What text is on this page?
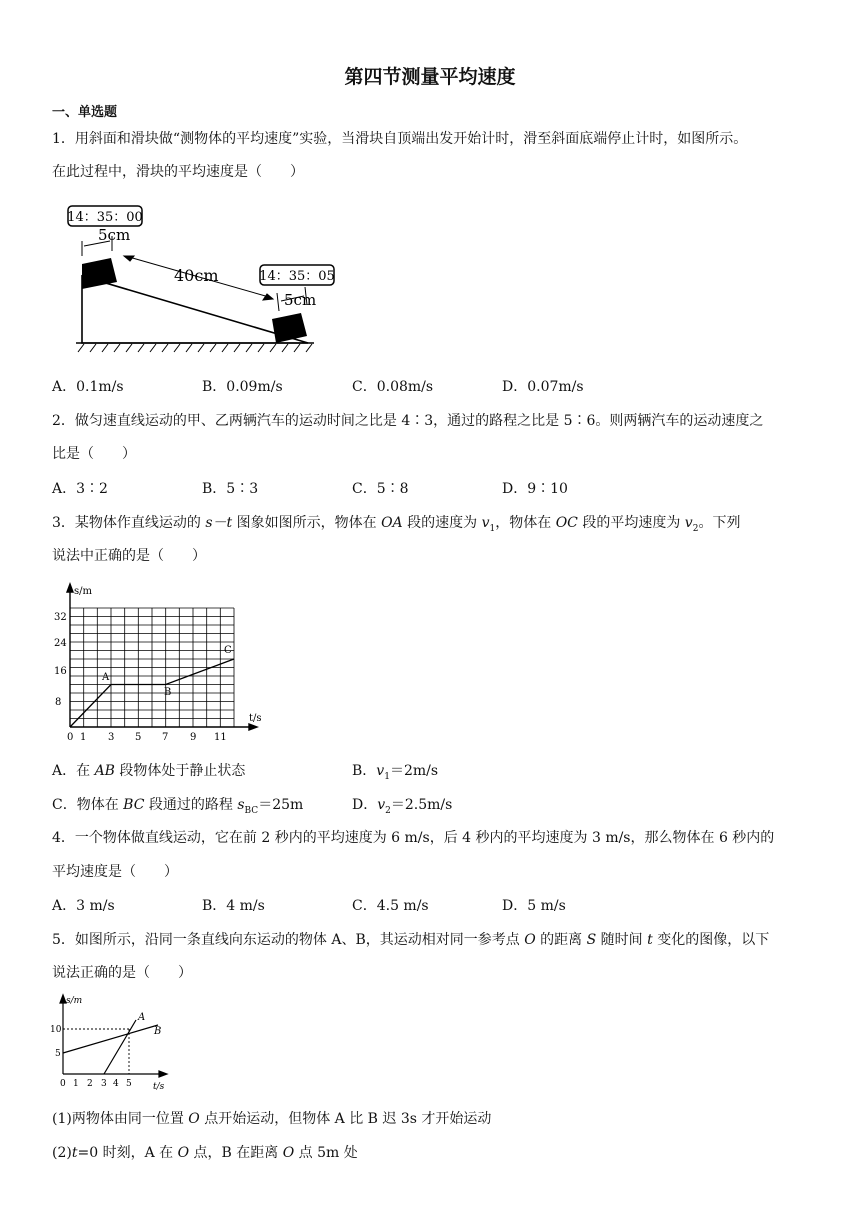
第四节测量平均速度
一、单选题
1．用斜面和滑块做“测物体的平均速度”实验，当滑块自顶端出发开始计时，滑至斜面底端停止计时，如图所示。
在此过程中，滑块的平均速度是（　　）
14：35：00
14：35：05
5cm
40cm
5cm
A．0.1m/s	B．0.09m/s	C．0.08m/s	D．0.07m/s
2．做匀速直线运动的甲、乙两辆汽车的运动时间之比是 4∶3，通过的路程之比是 5∶6。则两辆汽车的运动速度之
比是（　　）
A．3∶2	B．5∶3	C．5∶8	D．9∶10
3．某物体作直线运动的 s－t 图象如图所示，物体在 OA 段的速度为 $v_1$，物体在 OC 段的平均速度为 $v_2$。下列
说法中正确的是（　　）
s/m
t/s
8
16
24
32
0 1 3 5 7 9 11
A
B
C
A．在 AB 段物体处于静止状态	B．$v_1=2m/s$
C．物体在 BC 段通过的路程 $s_{BC}=25m$	D．$v_2=2.5m/s$
4．一个物体做直线运动，它在前 2 秒内的平均速度为 6 m/s，后 4 秒内的平均速度为 3 m/s，那么物体在 6 秒内的
平均速度是（　　）
A．3 m/s	B．4 m/s	C．4.5 m/s	D．5 m/s
5．如图所示，沿同一条直线向东运动的物体 A、B，其运动相对同一参考点 O 的距离 S 随时间 t 变化的图像，以下
说法正确的是（　　）
s/m
t/s
5
10
0 1 2 3 4 5
A
B
(1)两物体由同一位置 O 点开始运动，但物体 A 比 B 迟 3s 才开始运动
(2)t=0 时刻，A 在 O 点，B 在距离 O 点 5m 处
